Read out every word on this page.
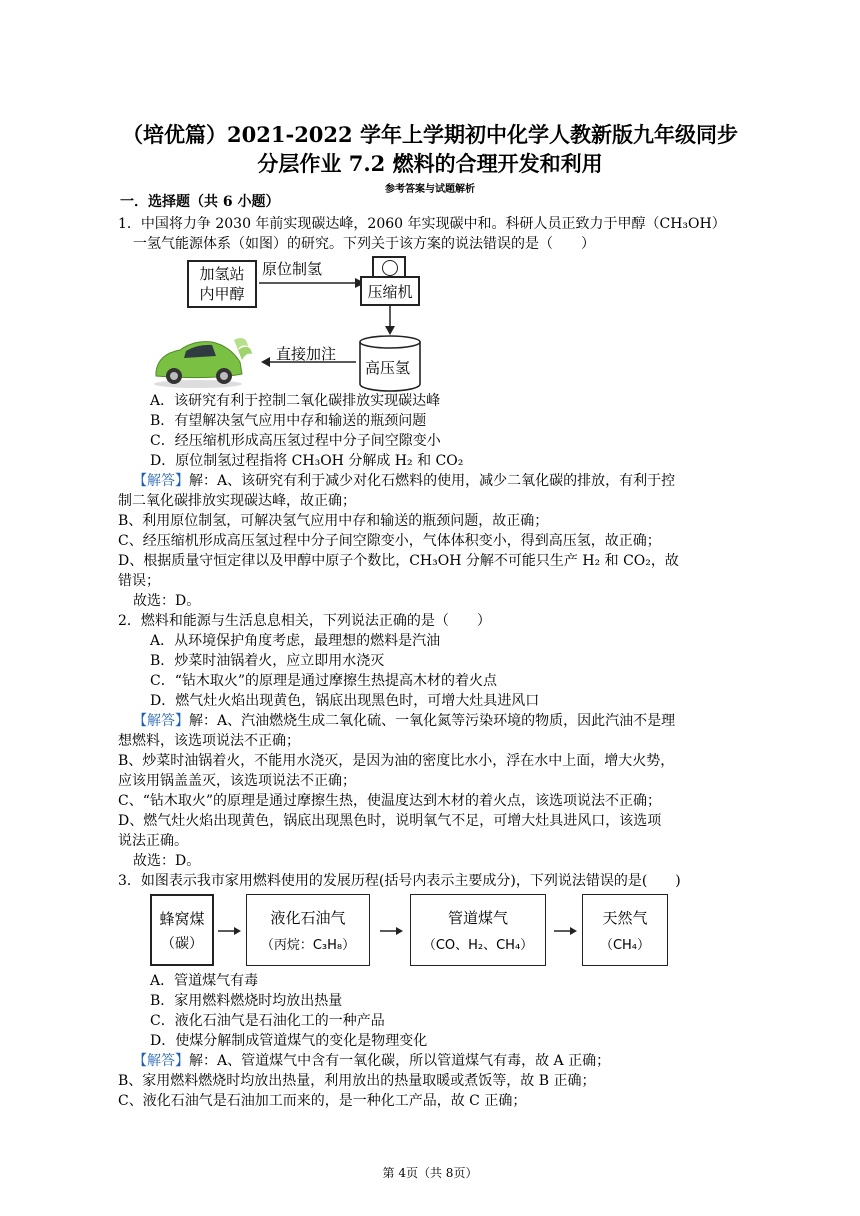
（培优篇）2021-2022 学年上学期初中化学人教新版九年级同步
分层作业 7.2 燃料的合理开发和利用
参考答案与试题解析
一．选择题（共 6 小题）
1．中国将力争 2030 年前实现碳达峰，2060 年实现碳中和。科研人员正致力于甲醇（CH₃OH）
一氢气能源体系（如图）的研究。下列关于该方案的说法错误的是（　　）
加氢站
内甲醇
原位制氢
压缩机
高压氢
直接加注
A．该研究有利于控制二氧化碳排放实现碳达峰
B．有望解决氢气应用中存和输送的瓶颈问题
C．经压缩机形成高压氢过程中分子间空隙变小
D．原位制氢过程指将 CH₃OH 分解成 H₂ 和 CO₂
【解答】解：A、该研究有利于减少对化石燃料的使用，减少二氧化碳的排放，有利于控
制二氧化碳排放实现碳达峰，故正确；
B、利用原位制氢，可解决氢气应用中存和输送的瓶颈问题，故正确；
C、经压缩机形成高压氢过程中分子间空隙变小，气体体积变小，得到高压氢，故正确；
D、根据质量守恒定律以及甲醇中原子个数比，CH₃OH 分解不可能只生产 H₂ 和 CO₂，故
错误；
故选：D。
2．燃料和能源与生活息息相关，下列说法正确的是（　　）
A．从环境保护角度考虑，最理想的燃料是汽油
B．炒菜时油锅着火，应立即用水浇灭
C．“钻木取火”的原理是通过摩擦生热提高木材的着火点
D．燃气灶火焰出现黄色，锅底出现黑色时，可增大灶具进风口
【解答】解：A、汽油燃烧生成二氧化硫、一氧化氮等污染环境的物质，因此汽油不是理
想燃料，该选项说法不正确；
B、炒菜时油锅着火，不能用水浇灭，是因为油的密度比水小，浮在水中上面，增大火势，
应该用锅盖盖灭，该选项说法不正确；
C、“钻木取火”的原理是通过摩擦生热，使温度达到木材的着火点，该选项说法不正确；
D、燃气灶火焰出现黄色，锅底出现黑色时，说明氧气不足，可增大灶具进风口，该选项
说法正确。
故选：D。
3．如图表示我市家用燃料使用的发展历程(括号内表示主要成分)，下列说法错误的是(　　)
蜂窝煤
（碳）
液化石油气
（丙烷：C₃H₈）
管道煤气
（CO、H₂、CH₄）
天然气
（CH₄）
A．管道煤气有毒
B．家用燃料燃烧时均放出热量
C．液化石油气是石油化工的一种产品
D．使煤分解制成管道煤气的变化是物理变化
【解答】解：A、管道煤气中含有一氧化碳，所以管道煤气有毒，故 A 正确；
B、家用燃料燃烧时均放出热量，利用放出的热量取暖或煮饭等，故 B 正确；
C、液化石油气是石油加工而来的，是一种化工产品，故 C 正确；
第 4页（共 8页）
